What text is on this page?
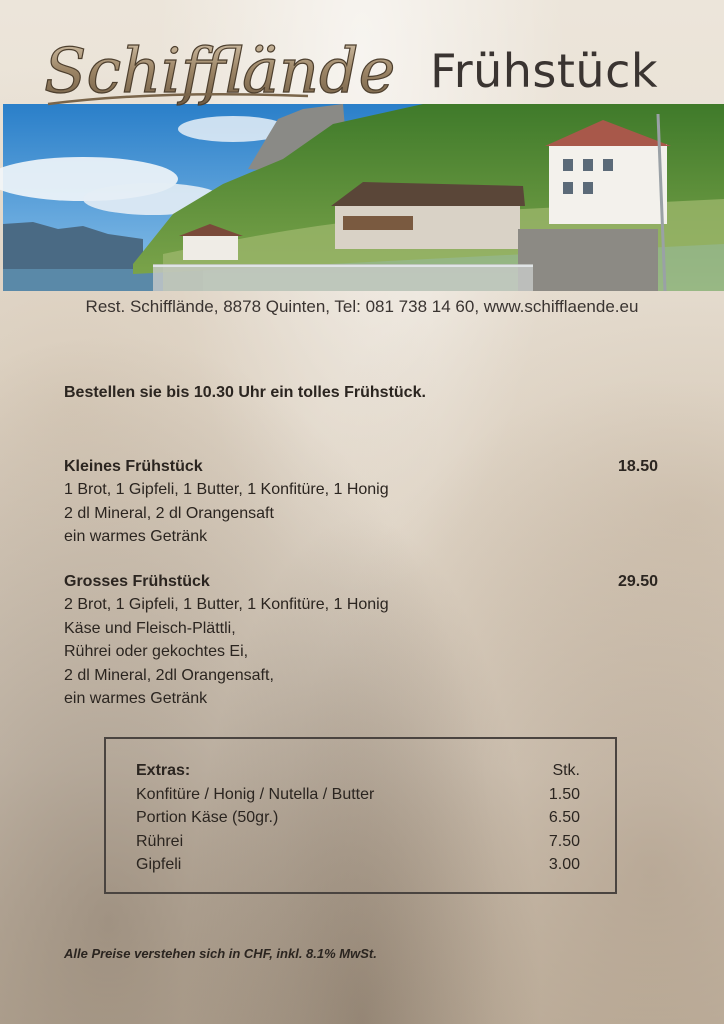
Schifflände Frühstück
Rest. Schifflände, 8878 Quinten, Tel: 081 738 14 60, www.schifflaende.eu
Bestellen sie bis 10.30 Uhr ein tolles Frühstück.
Kleines Frühstück	18.50
1 Brot, 1 Gipfeli, 1 Butter, 1 Konfitüre, 1 Honig
2 dl Mineral, 2 dl Orangensaft
ein warmes Getränk
Grosses Frühstück	29.50
2 Brot, 1 Gipfeli, 1 Butter, 1 Konfitüre, 1 Honig
Käse und Fleisch-Plättli,
Rührei oder gekochtes Ei,
2 dl Mineral, 2dl Orangensaft,
ein warmes Getränk
Extras:	Stk.
Konfitüre / Honig / Nutella / Butter	1.50
Portion Käse (50gr.)	6.50
Rührei	7.50
Gipfeli	3.00
Alle Preise verstehen sich in CHF, inkl. 8.1% MwSt.
